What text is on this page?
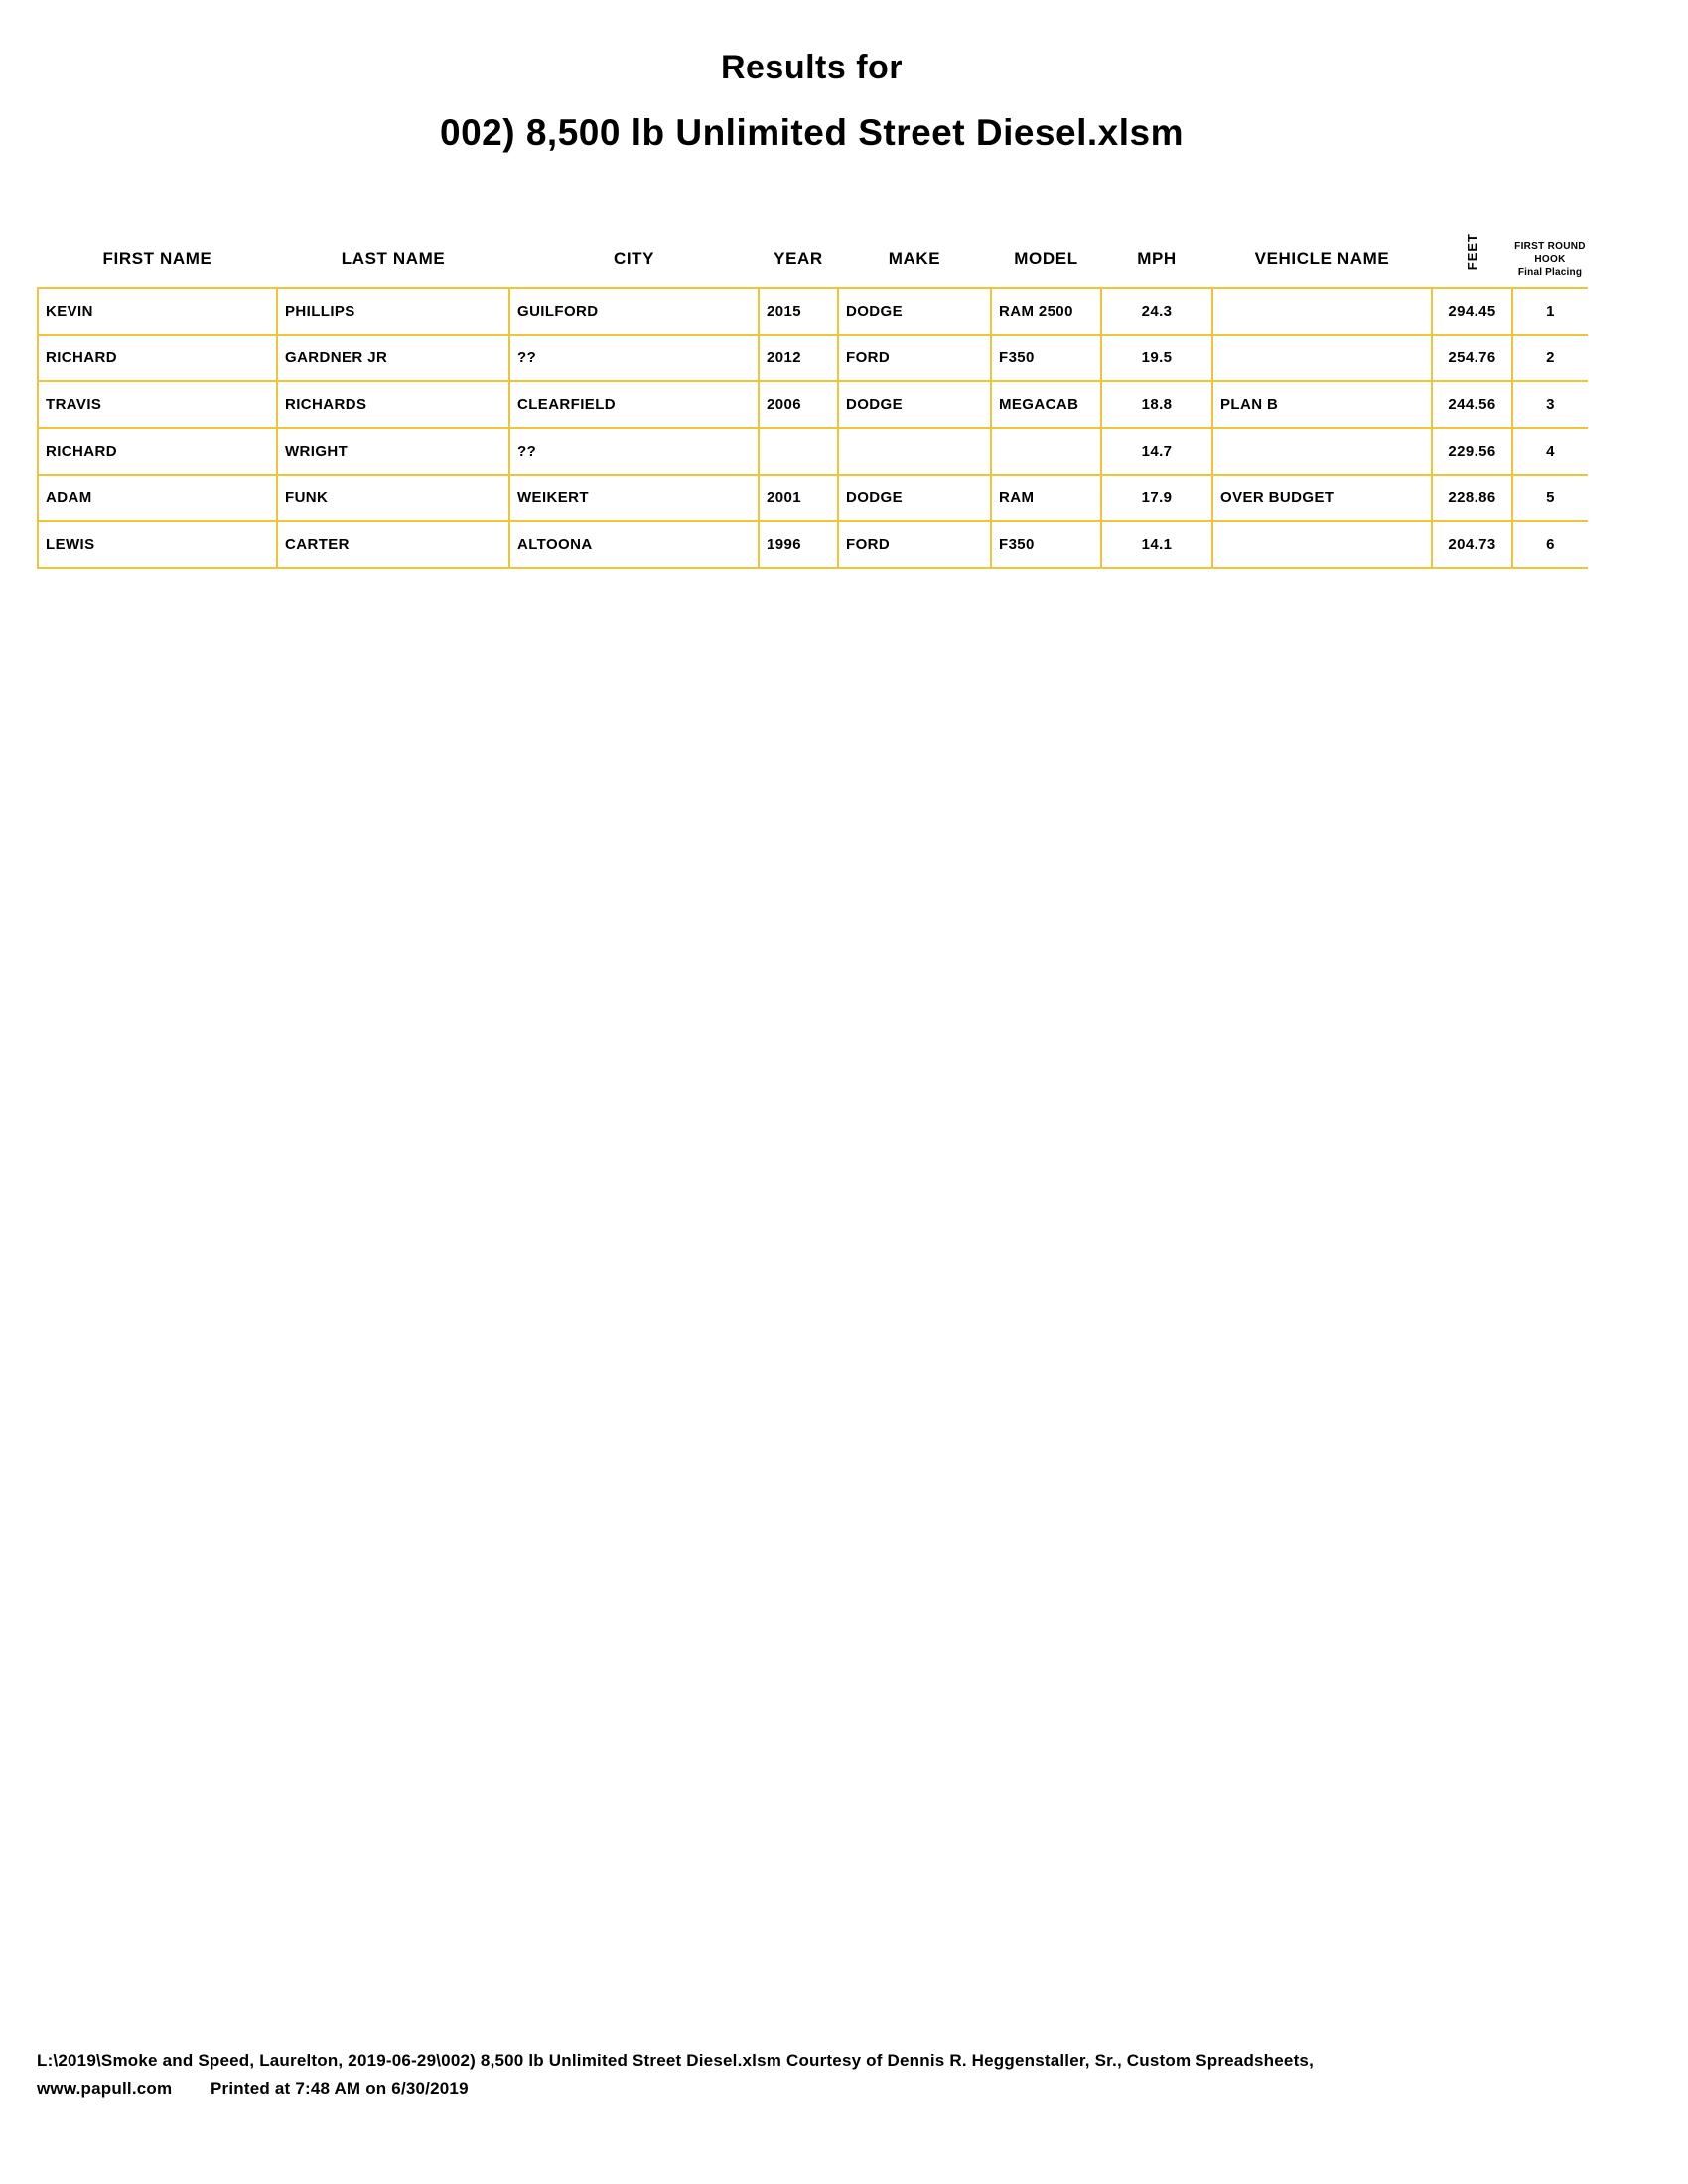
Results for
002) 8,500 lb Unlimited Street Diesel.xlsm
FIRST NAME	LAST NAME	CITY	YEAR	MAKE	MODEL	MPH	VEHICLE NAME	FEET	FIRST ROUND
HOOK
Final Placing

KEVIN	PHILLIPS	GUILFORD	2015	DODGE	RAM 2500	24.3		294.45	1
RICHARD	GARDNER JR	??	2012	FORD	F350	19.5		254.76	2
TRAVIS	RICHARDS	CLEARFIELD	2006	DODGE	MEGACAB	18.8	PLAN B	244.56	3
RICHARD	WRIGHT	??				14.7		229.56	4
ADAM	FUNK	WEIKERT	2001	DODGE	RAM	17.9	OVER BUDGET	228.86	5
LEWIS	CARTER	ALTOONA	1996	FORD	F350	14.1		204.73	6
L:\2019\Smoke and Speed, Laurelton, 2019-06-29\002) 8,500 lb Unlimited Street Diesel.xlsm Courtesy of Dennis R. Heggenstaller, Sr., Custom Spreadsheets,
www.papull.com Printed at 7:48 AM on 6/30/2019
